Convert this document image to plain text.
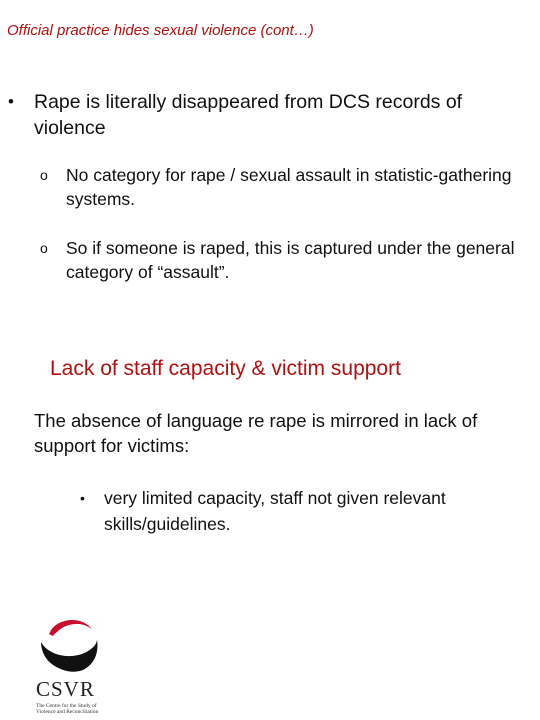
Official practice hides sexual violence (cont…)
•	Rape is literally disappeared from DCS records of violence
o	No category for rape / sexual assault in statistic-gathering systems.
o	So if someone is raped, this is captured under the general category of “assault”.
Lack of staff capacity & victim support
The absence of language re rape is mirrored in lack of support for victims:
•	very limited capacity, staff not given relevant skills/guidelines.
CSVR
The Centre for the Study of Violence and Reconciliation
